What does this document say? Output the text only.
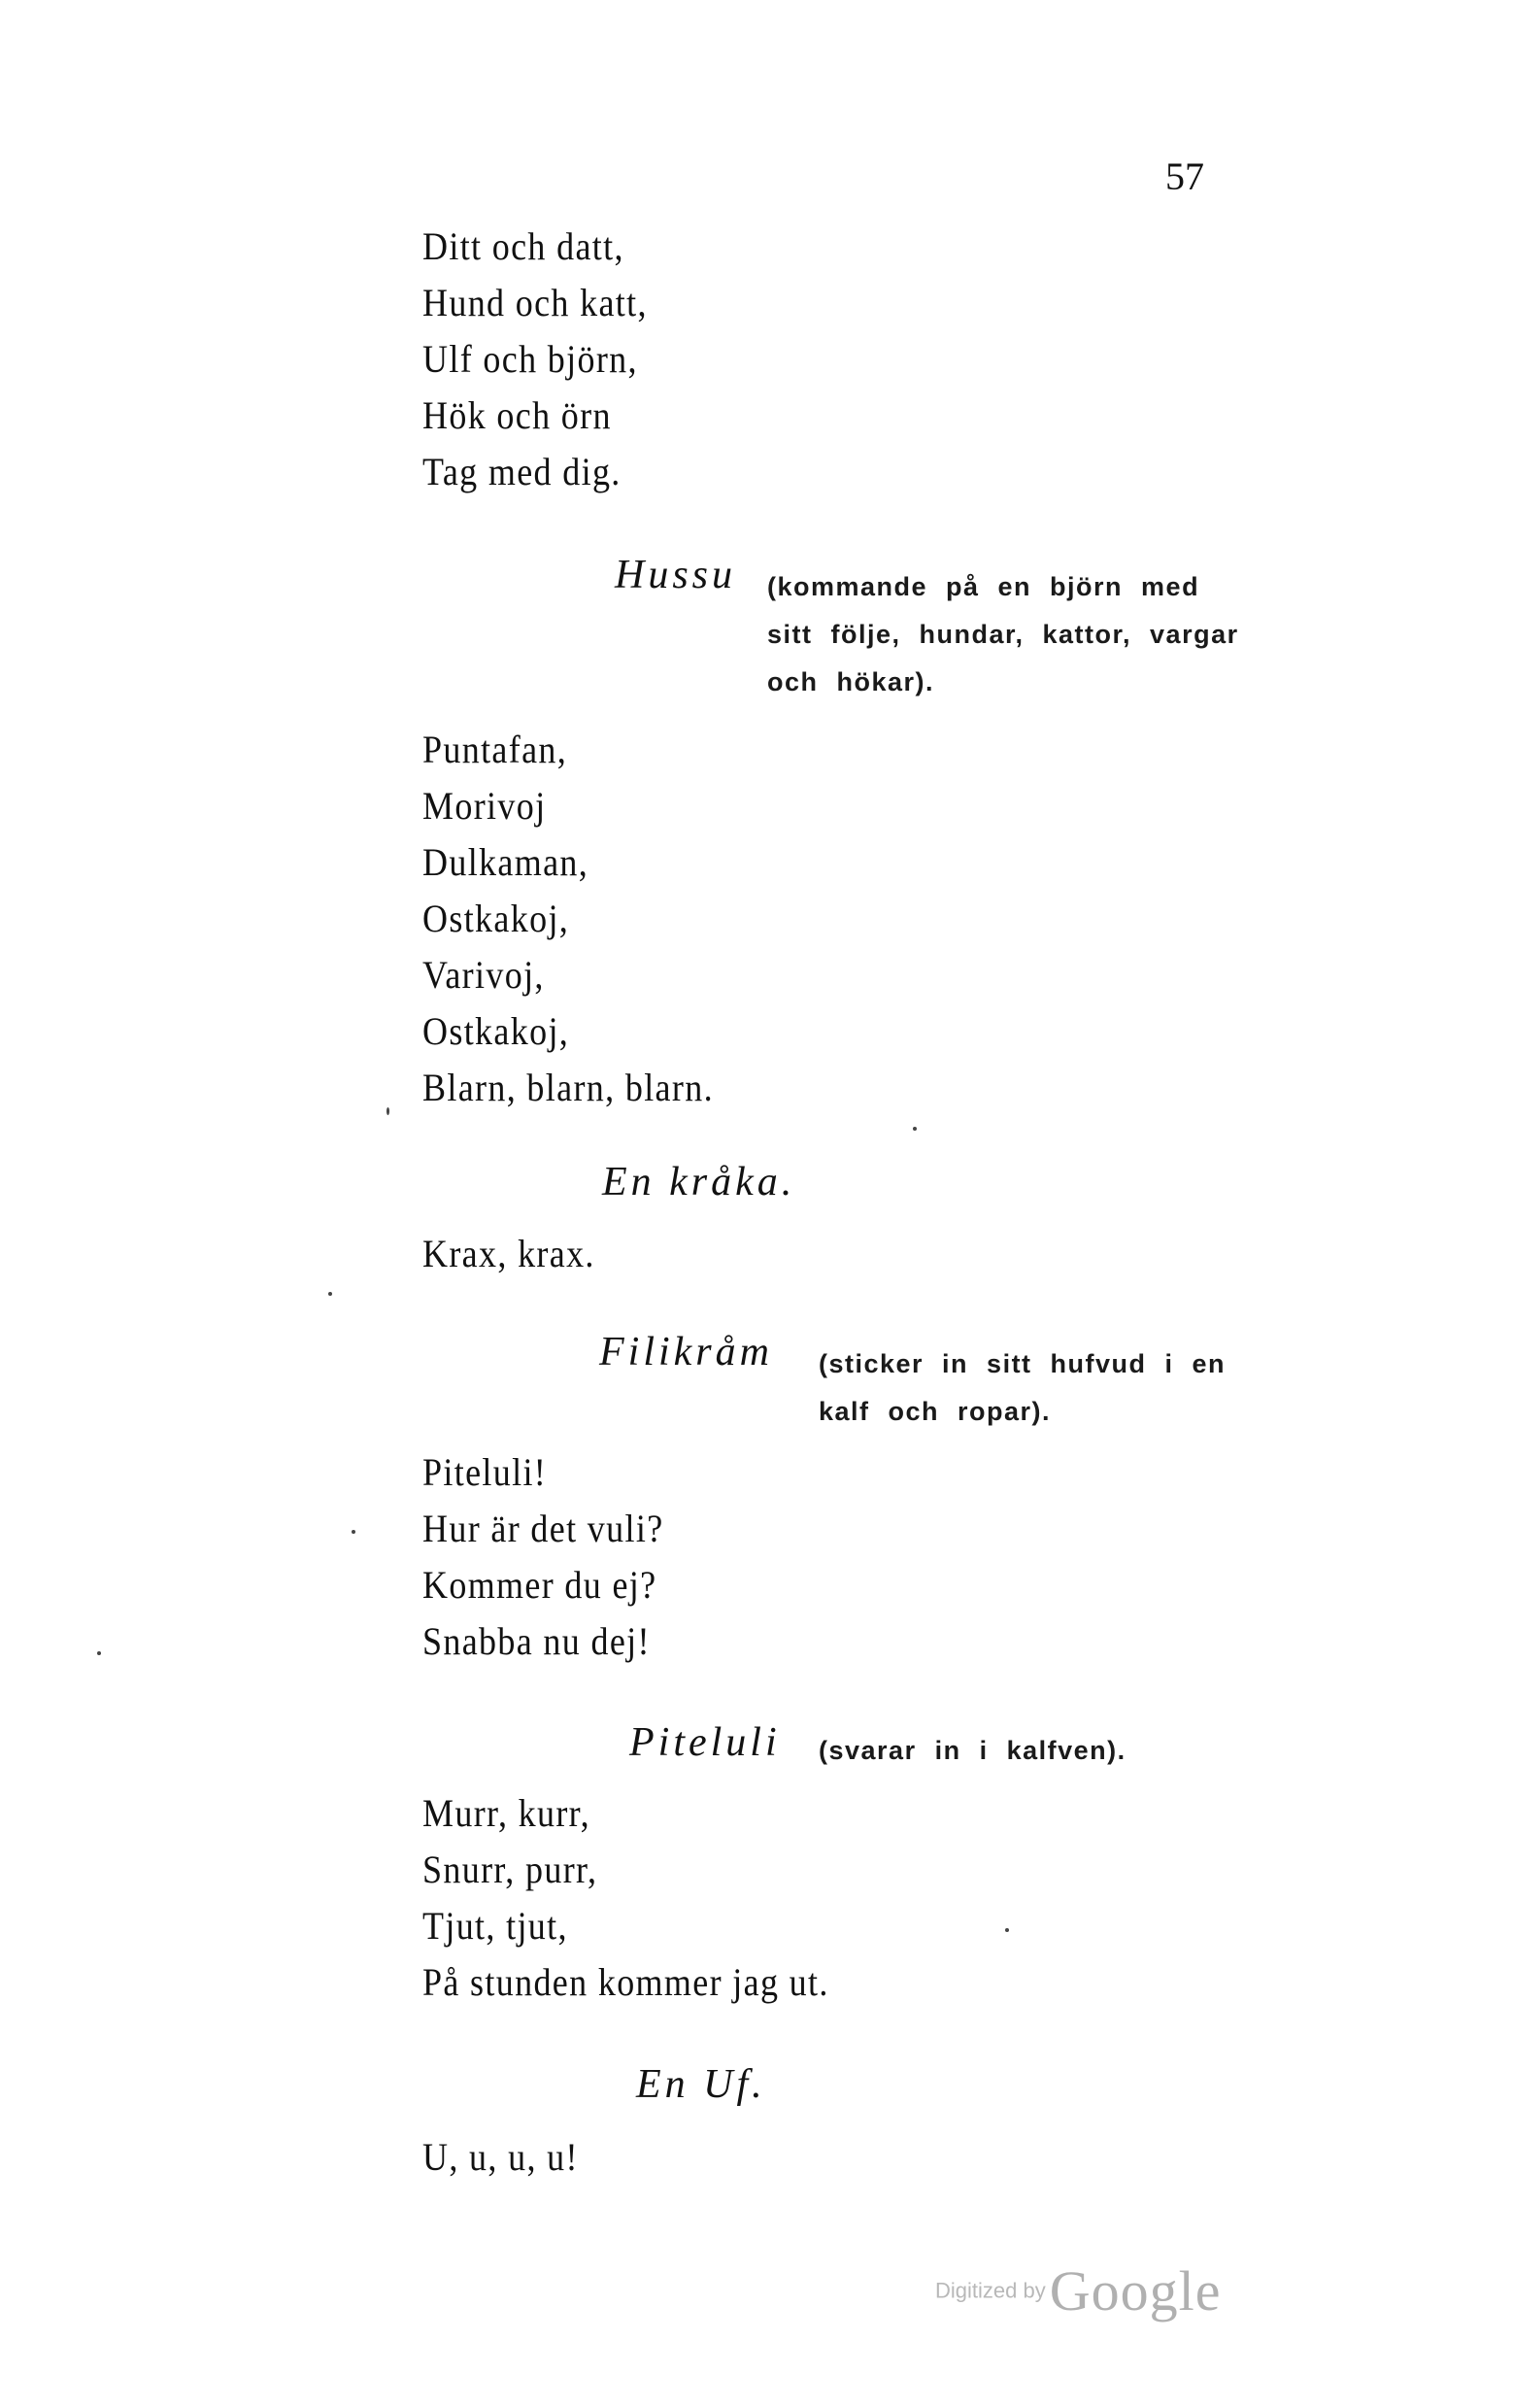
57
Ditt och datt,
Hund och katt,
Ulf och björn,
Hök och örn
Tag med dig.
Hussu (kommande på en björn med
sitt följe, hundar, kattor, vargar
och hökar).
Puntafan,
Morivoj
Dulkaman,
Ostkakoj,
Varivoj,
Ostkakoj,
Blarn, blarn, blarn.
En kråka.
Krax, krax.
Filikråm (sticker in sitt hufvud i en
kalf och ropar).
Piteluli!
Hur är det vuli?
Kommer du ej?
Snabba nu dej!
Piteluli (svarar in i kalfven).
Murr, kurr,
Snurr, purr,
Tjut, tjut,
På stunden kommer jag ut.
En Uf.
U, u, u, u!
Digitized by Google
